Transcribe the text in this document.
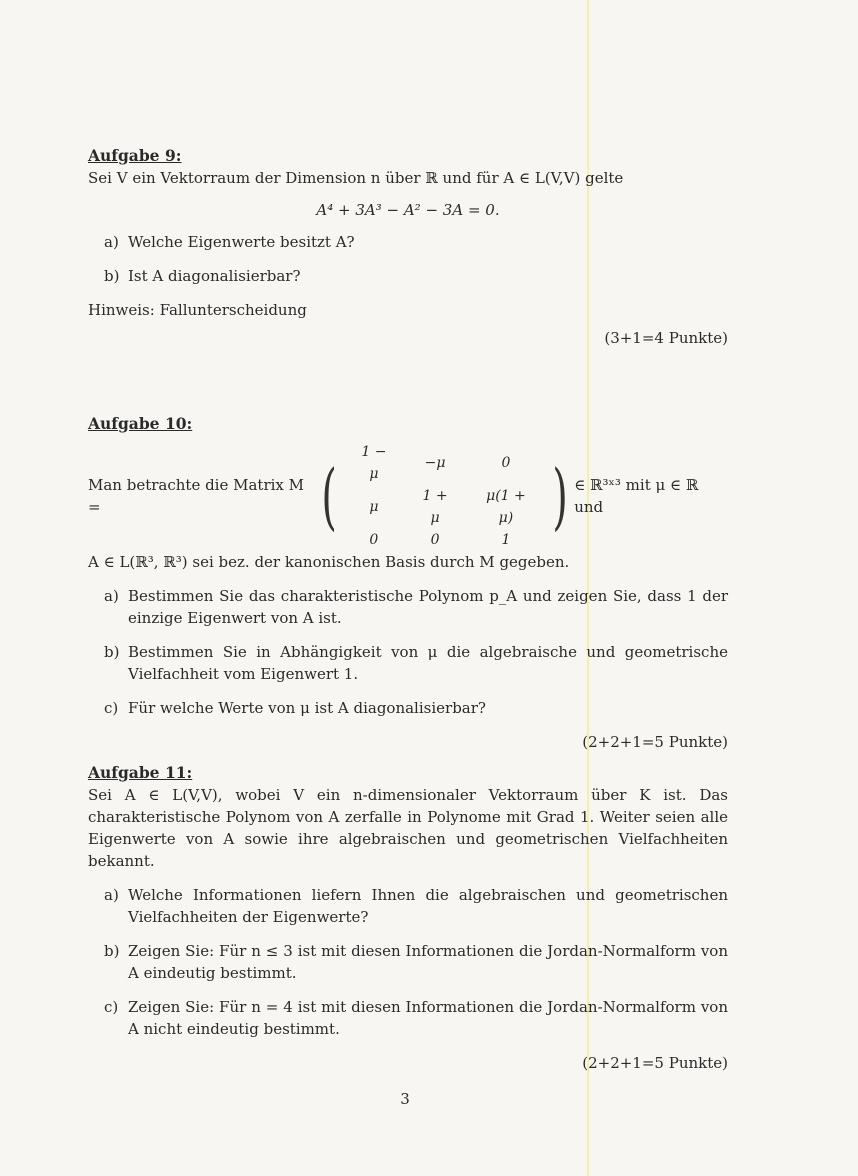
Aufgabe 9:

Sei V ein Vektorraum der Dimension n über ℝ und für A ∈ L(V,V) gelte

A⁴ + 3A³ − A² − 3A = 0.

a) Welche Eigenwerte besitzt A?
b) Ist A diagonalisierbar?

Hinweis: Fallunterscheidung

(3+1=4 Punkte)

Aufgabe 10:

Man betrachte die Matrix M =	(
1 − μ	−μ	0
μ	1 + μ	μ(1 + μ)
0	0	1
) ∈ ℝ³ˣ³ mit μ ∈ ℝ und

A ∈ L(ℝ³, ℝ³) sei bez. der kanonischen Basis durch M gegeben.

a) Bestimmen Sie das charakteristische Polynom p_A und zeigen Sie, dass 1 der einzige Eigenwert von A ist.
b) Bestimmen Sie in Abhängigkeit von μ die algebraische und geometrische Vielfachheit vom Eigenwert 1.
c) Für welche Werte von μ ist A diagonalisierbar?

(2+2+1=5 Punkte)

Aufgabe 11:

Sei A ∈ L(V,V), wobei V ein n-dimensionaler Vektorraum über K ist. Das charakteristische Polynom von A zerfalle in Polynome mit Grad 1. Weiter seien alle Eigenwerte von A sowie ihre algebraischen und geometrischen Vielfachheiten bekannt.

a) Welche Informationen liefern Ihnen die algebraischen und geometrischen Vielfachheiten der Eigenwerte?
b) Zeigen Sie: Für n ≤ 3 ist mit diesen Informationen die Jordan-Normalform von A eindeutig bestimmt.
c) Zeigen Sie: Für n = 4 ist mit diesen Informationen die Jordan-Normalform von A nicht eindeutig bestimmt.

(2+2+1=5 Punkte)

3
